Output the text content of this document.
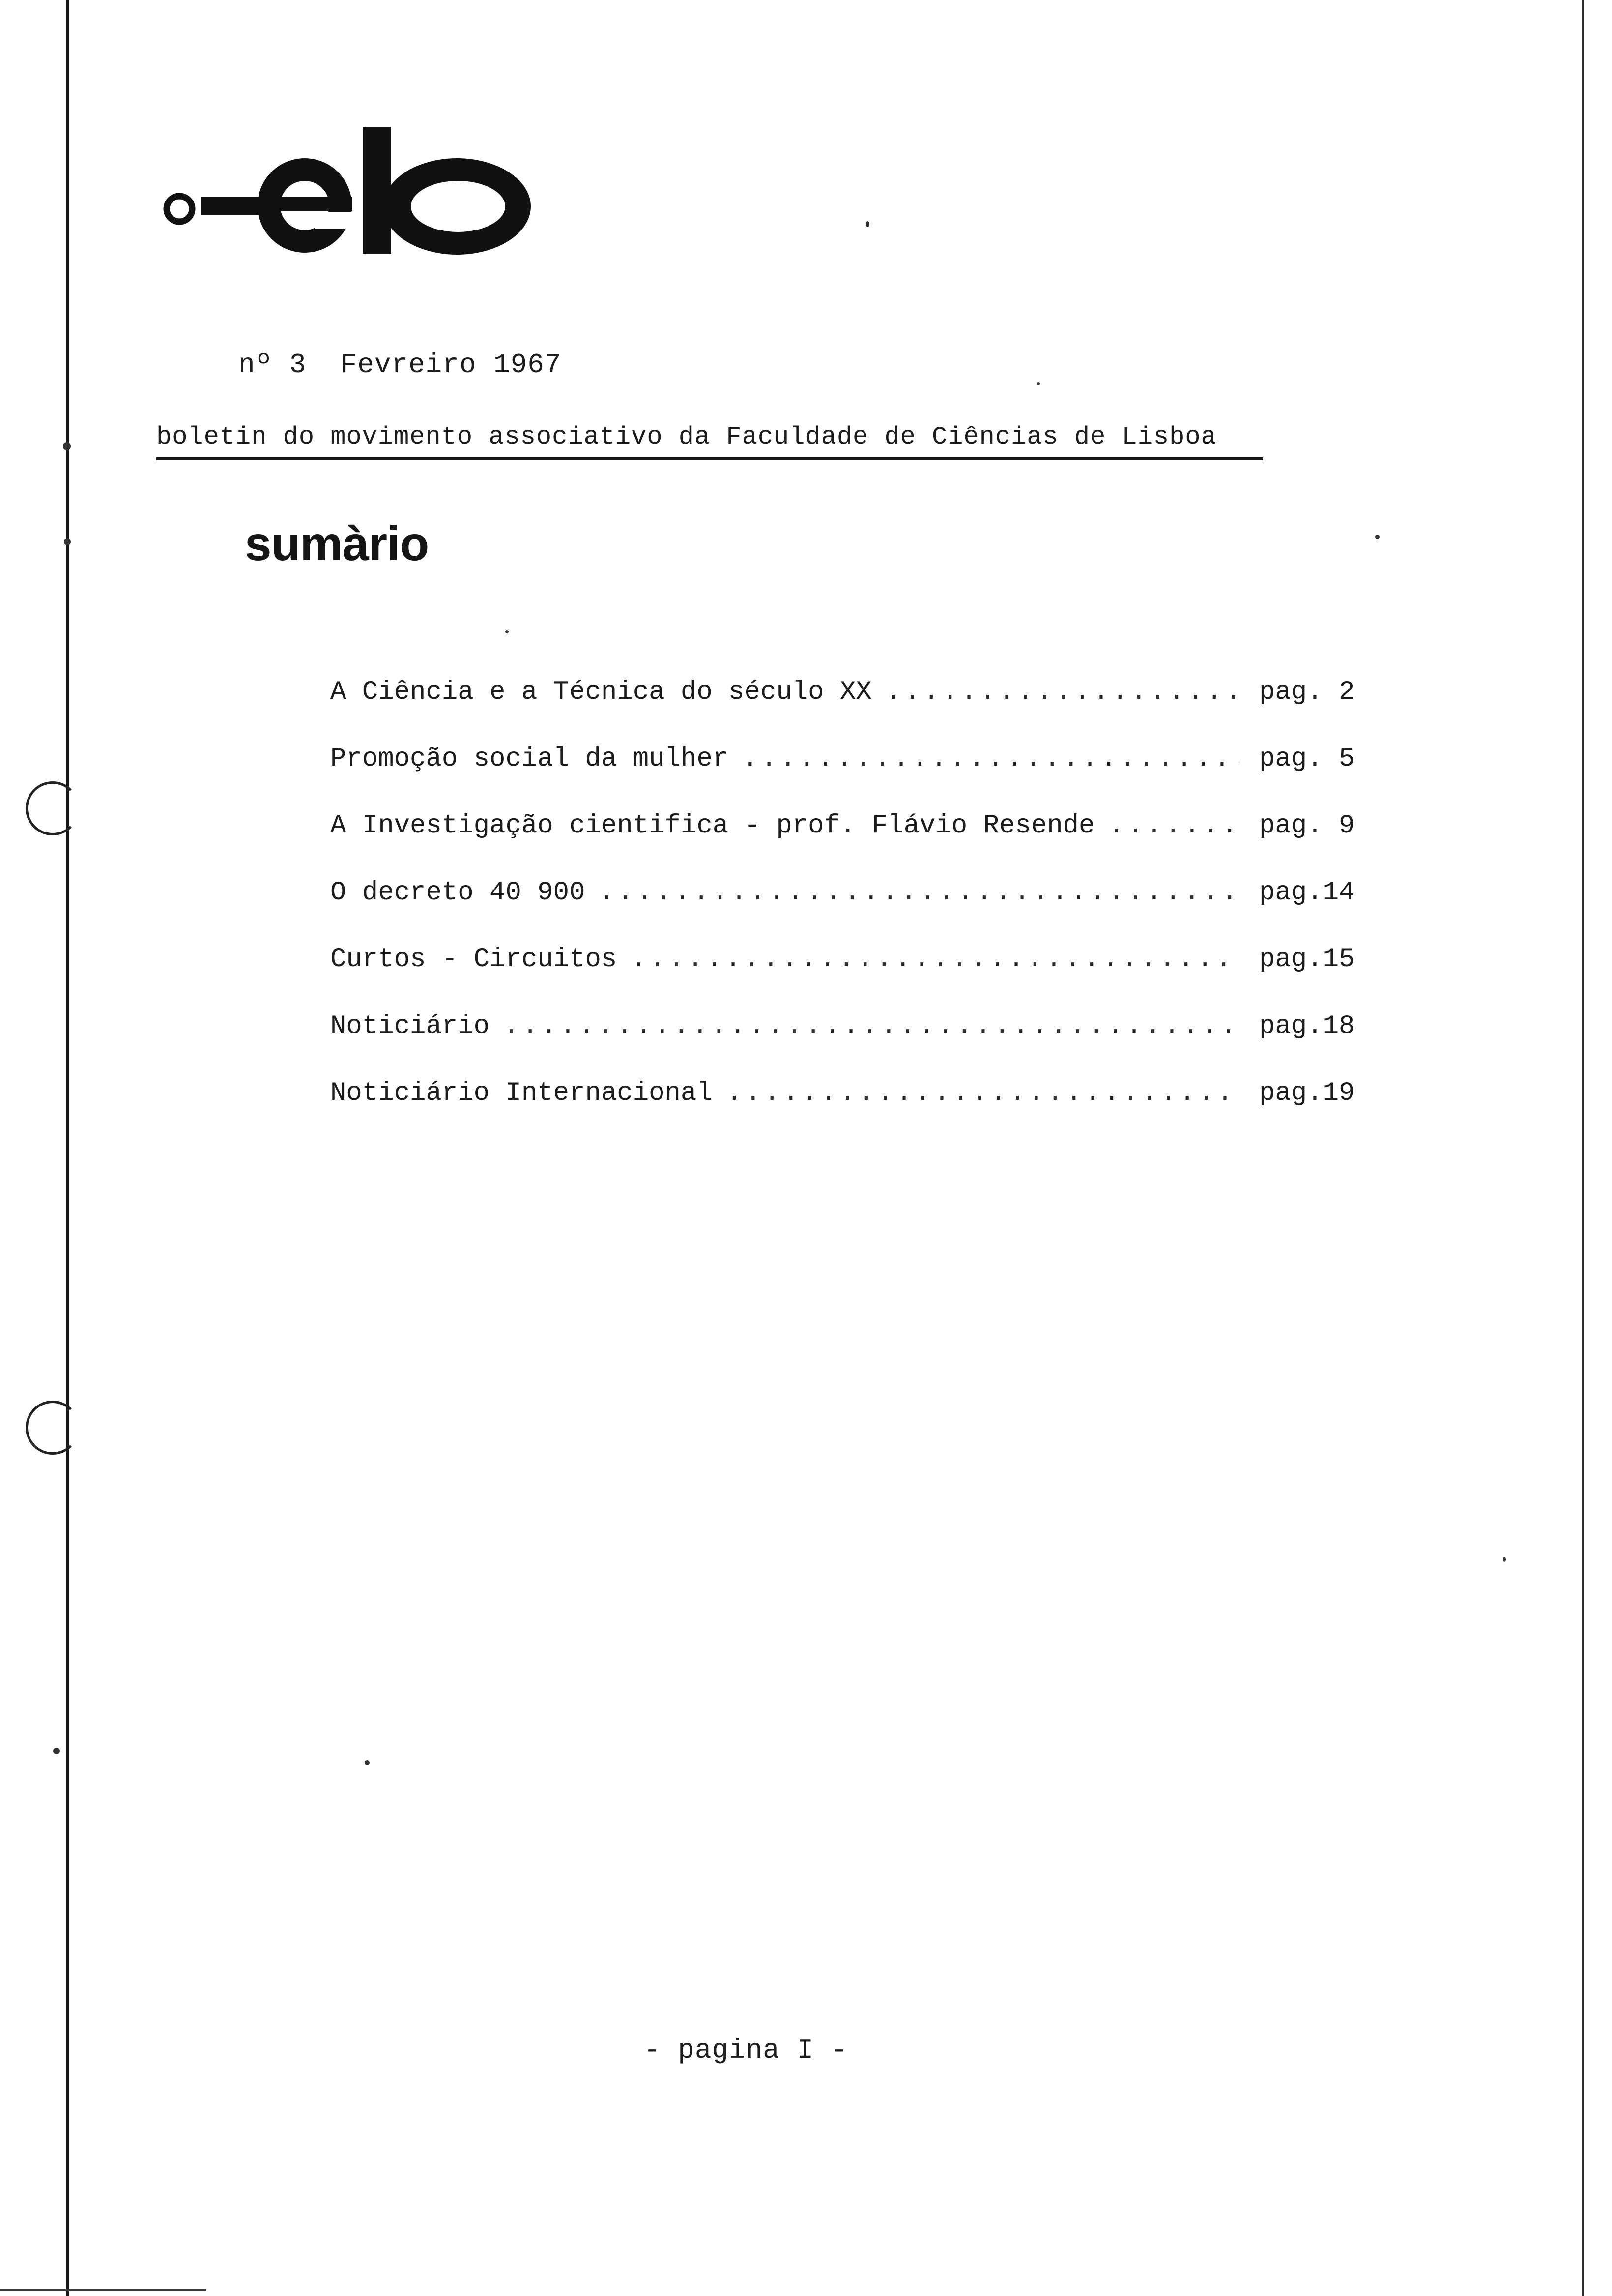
nº 3 Fevreiro 1967
boletin do movimento associativo da Faculdade de Ciências de Lisboa
sumàrio
A Ciência e a Técnica do século XX .....	pag. 2
Promoção social da mulher .....	pag. 5
A Investigação cientifica - prof. Flávio Resende .....	pag. 9
O decreto 40 900 .....	pag.14
Curtos - Circuitos .....	pag.15
Noticiário .....	pag.18
Noticiário Internacional .....	pag.19
- pagina I -
